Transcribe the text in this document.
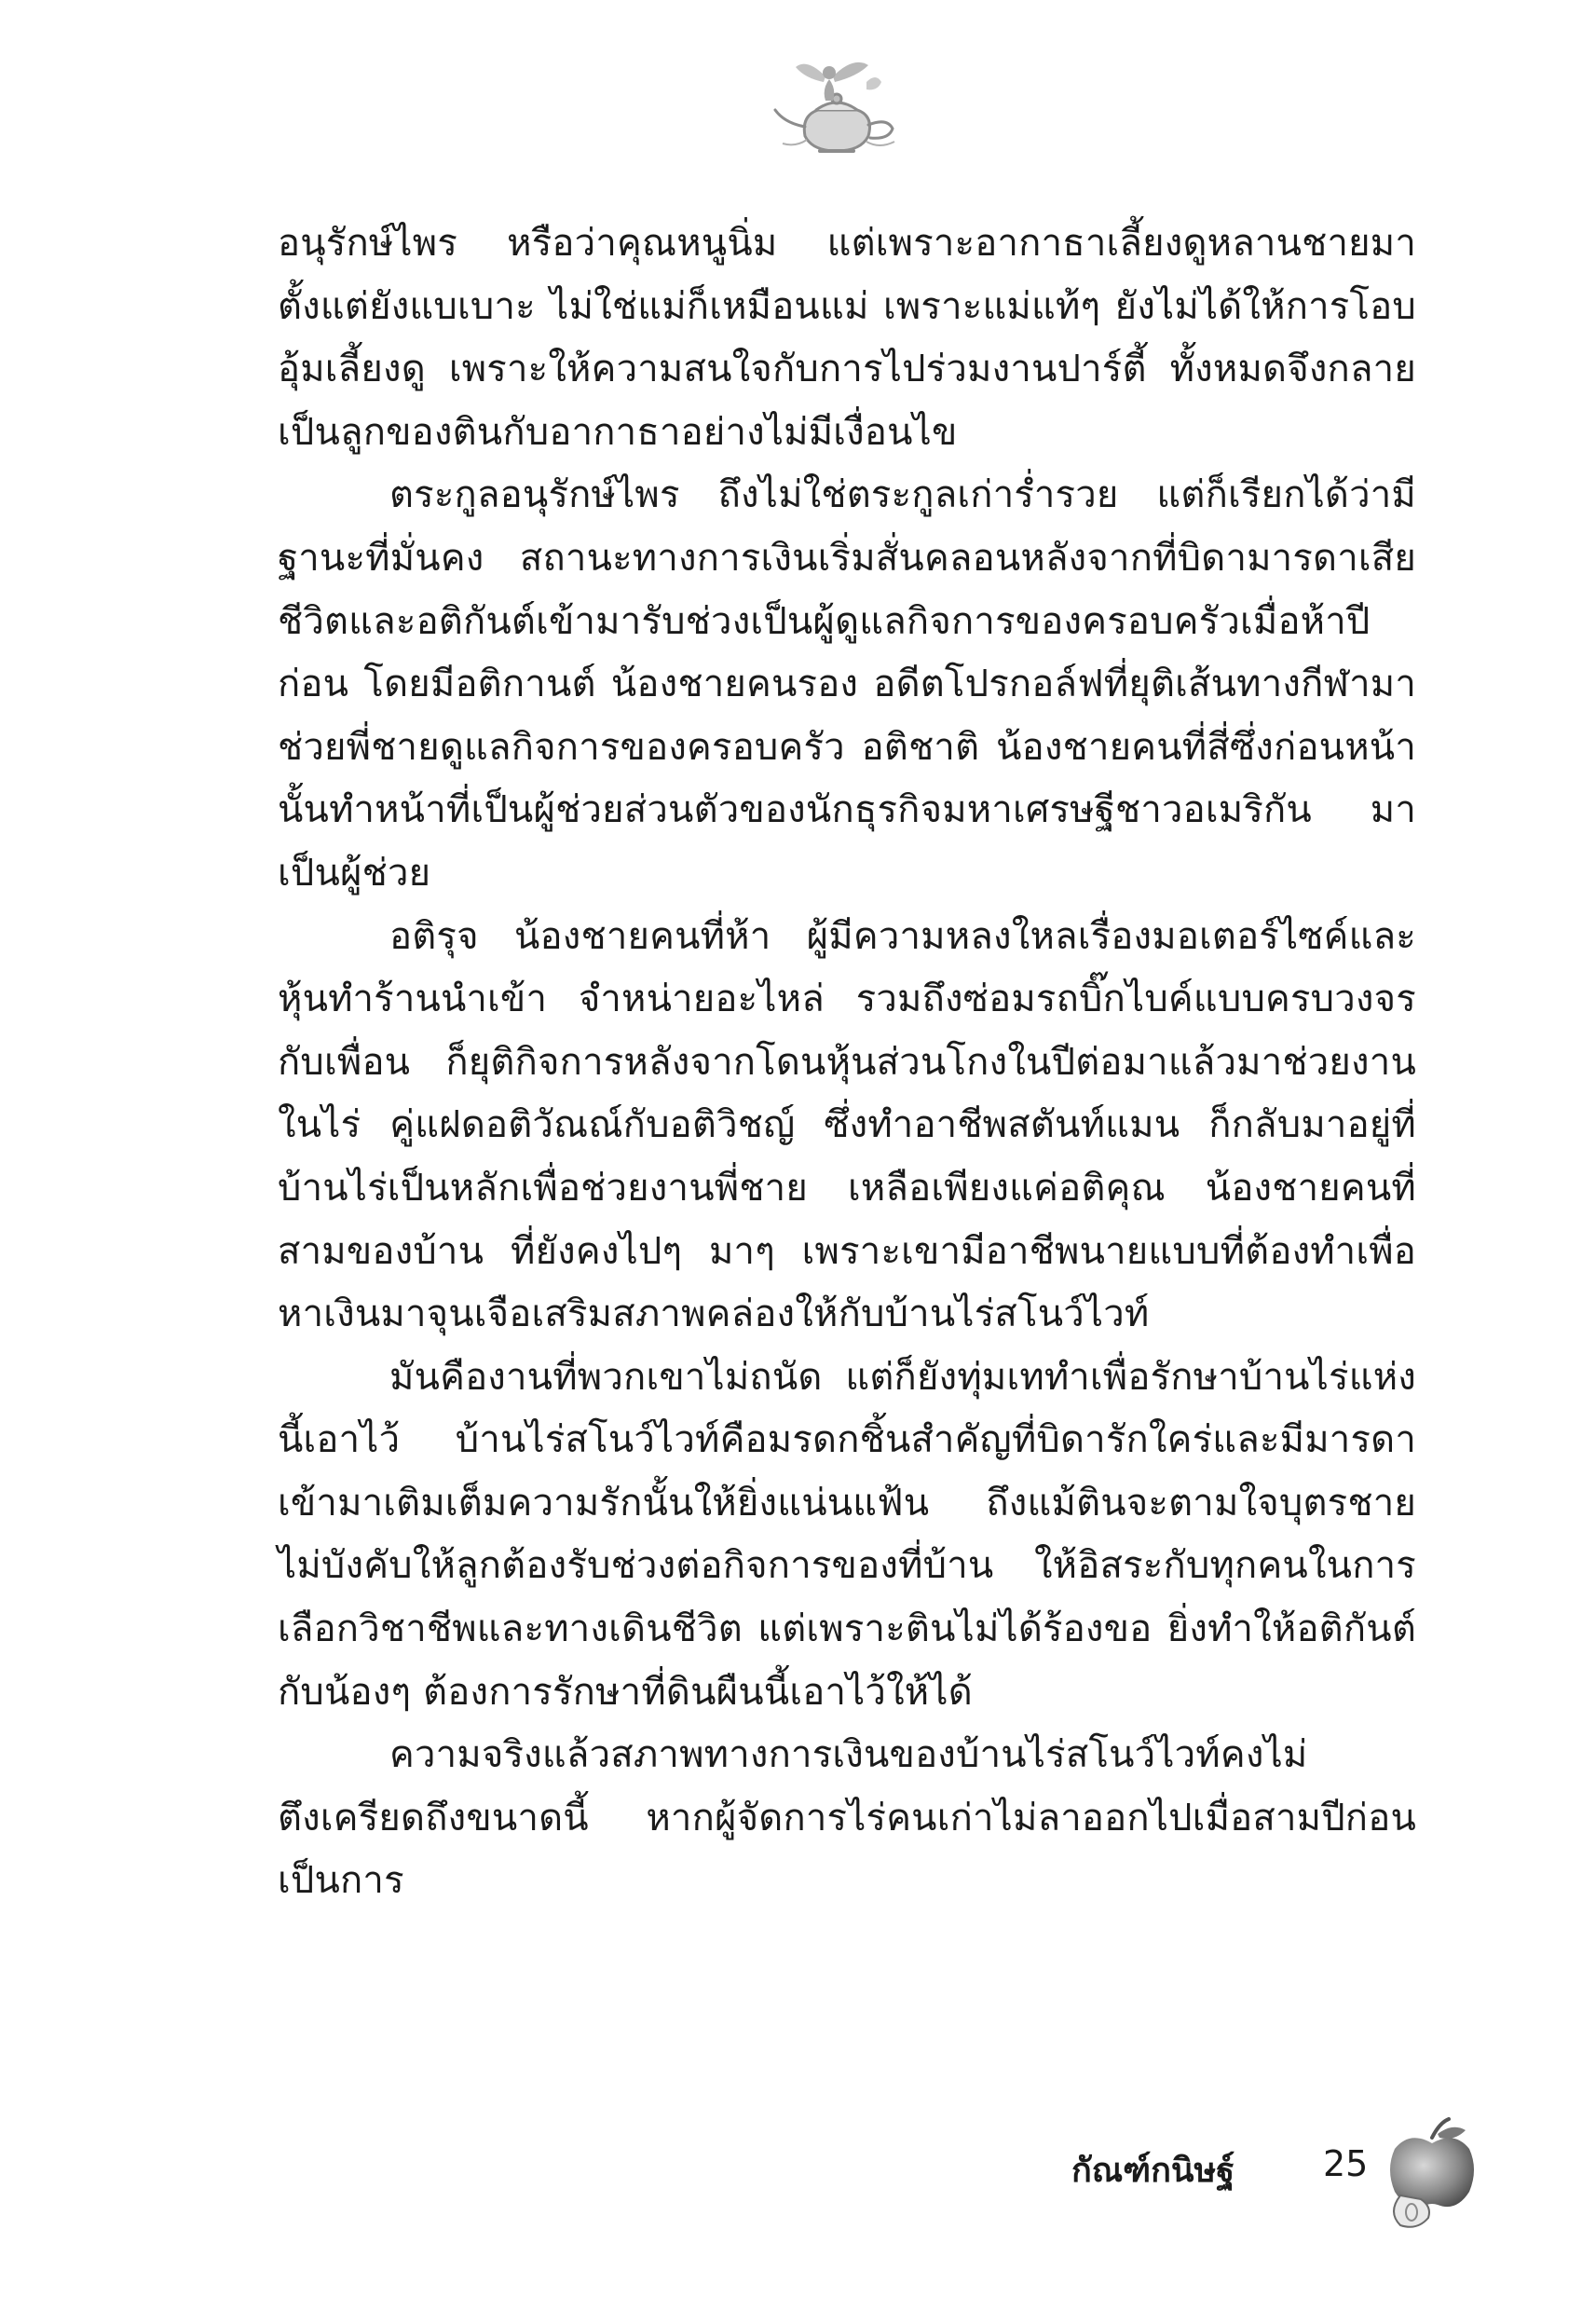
อนุรักษ์ไพร หรือว่าคุณหนูนิ่ม แต่เพราะอากาธาเลี้ยงดูหลานชายมาตั้งแต่ยังแบเบาะ ไม่ใช่แม่ก็เหมือนแม่ เพราะแม่แท้ๆ ยังไม่ได้ให้การโอบอุ้มเลี้ยงดู เพราะให้ความสนใจกับการไปร่วมงานปาร์ตี้ ทั้งหมดจึงกลายเป็นลูกของตินกับอากาธาอย่างไม่มีเงื่อนไข

ตระกูลอนุรักษ์ไพร ถึงไม่ใช่ตระกูลเก่าร่ำรวย แต่ก็เรียกได้ว่ามีฐานะที่มั่นคง สถานะทางการเงินเริ่มสั่นคลอนหลังจากที่บิดามารดาเสียชีวิตและอติกันต์เข้ามารับช่วงเป็นผู้ดูแลกิจการของครอบครัวเมื่อห้าปีก่อน โดยมีอติกานต์ น้องชายคนรอง อดีตโปรกอล์ฟที่ยุติเส้นทางกีฬามาช่วยพี่ชายดูแลกิจการของครอบครัว อติชาติ น้องชายคนที่สี่ซึ่งก่อนหน้านั้นทำหน้าที่เป็นผู้ช่วยส่วนตัวของนักธุรกิจมหาเศรษฐีชาวอเมริกัน มาเป็นผู้ช่วย

อติรุจ น้องชายคนที่ห้า ผู้มีความหลงใหลเรื่องมอเตอร์ไซค์และหุ้นทำร้านนำเข้า จำหน่ายอะไหล่ รวมถึงซ่อมรถบิ๊กไบค์แบบครบวงจรกับเพื่อน ก็ยุติกิจการหลังจากโดนหุ้นส่วนโกงในปีต่อมาแล้วมาช่วยงานในไร่ คู่แฝดอติวัณณ์กับอติวิชญ์ ซึ่งทำอาชีพสตันท์แมน ก็กลับมาอยู่ที่บ้านไร่เป็นหลักเพื่อช่วยงานพี่ชาย เหลือเพียงแค่อติคุณ น้องชายคนที่สามของบ้าน ที่ยังคงไปๆ มาๆ เพราะเขามีอาชีพนายแบบที่ต้องทำเพื่อหาเงินมาจุนเจือเสริมสภาพคล่องให้กับบ้านไร่สโนว์ไวท์

มันคืองานที่พวกเขาไม่ถนัด แต่ก็ยังทุ่มเททำเพื่อรักษาบ้านไร่แห่งนี้เอาไว้ บ้านไร่สโนว์ไวท์คือมรดกชิ้นสำคัญที่บิดารักใคร่และมีมารดาเข้ามาเติมเต็มความรักนั้นให้ยิ่งแน่นแฟ้น ถึงแม้ตินจะตามใจบุตรชาย ไม่บังคับให้ลูกต้องรับช่วงต่อกิจการของที่บ้าน ให้อิสระกับทุกคนในการเลือกวิชาชีพและทางเดินชีวิต แต่เพราะตินไม่ได้ร้องขอ ยิ่งทำให้อติกันต์กับน้องๆ ต้องการรักษาที่ดินผืนนี้เอาไว้ให้ได้

ความจริงแล้วสภาพทางการเงินของบ้านไร่สโนว์ไวท์คงไม่ตึงเครียดถึงขนาดนี้ หากผู้จัดการไร่คนเก่าไม่ลาออกไปเมื่อสามปีก่อน เป็นการ

กัณฑ์กนิษฐ์ 25
